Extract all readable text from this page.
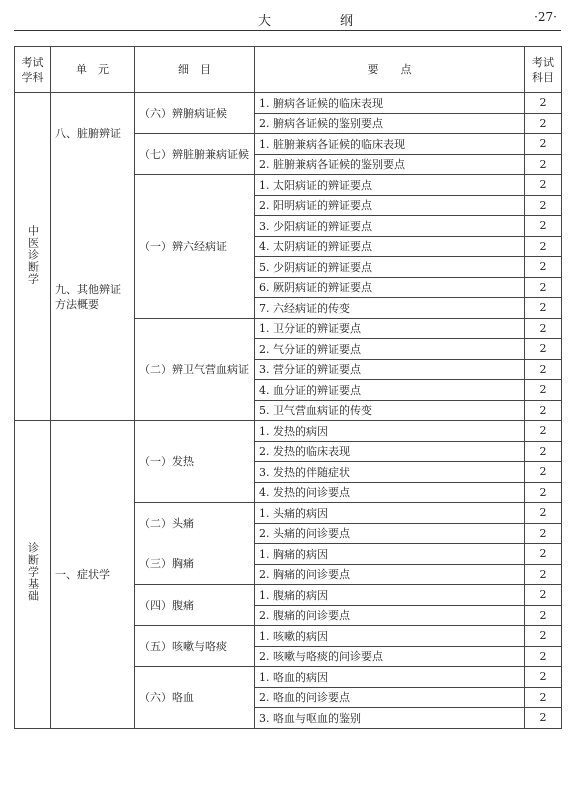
大　纲	·27·
考试学科	单　元	细　目	要　　点	考试科目
中医诊断学	八、脏腑辨证	（六）辨腑病证候	1. 腑病各证候的临床表现	2
			2. 腑病各证候的鉴别要点	2
		（七）辨脏腑兼病证候	1. 脏腑兼病各证候的临床表现	2
			2. 脏腑兼病各证候的鉴别要点	2
	九、其他辨证方法概要	（一）辨六经病证	1. 太阳病证的辨证要点	2
			2. 阳明病证的辨证要点	2
			3. 少阳病证的辨证要点	2
			4. 太阴病证的辨证要点	2
			5. 少阴病证的辨证要点	2
			6. 厥阴病证的辨证要点	2
			7. 六经病证的传变	2
		（二）辨卫气营血病证	1. 卫分证的辨证要点	2
			2. 气分证的辨证要点	2
			3. 营分证的辨证要点	2
			4. 血分证的辨证要点	2
			5. 卫气营血病证的传变	2
诊断学基础	一、症状学	（一）发热	1. 发热的病因	2
			2. 发热的临床表现	2
			3. 发热的伴随症状	2
			4. 发热的问诊要点	2
		（二）头痛	1. 头痛的病因	2
			2. 头痛的问诊要点	2
		（三）胸痛	1. 胸痛的病因	2
			2. 胸痛的问诊要点	2
		（四）腹痛	1. 腹痛的病因	2
			2. 腹痛的问诊要点	2
		（五）咳嗽与咯痰	1. 咳嗽的病因	2
			2. 咳嗽与咯痰的问诊要点	2
		（六）咯血	1. 咯血的病因	2
			2. 咯血的问诊要点	2
			3. 咯血与呕血的鉴别	2
